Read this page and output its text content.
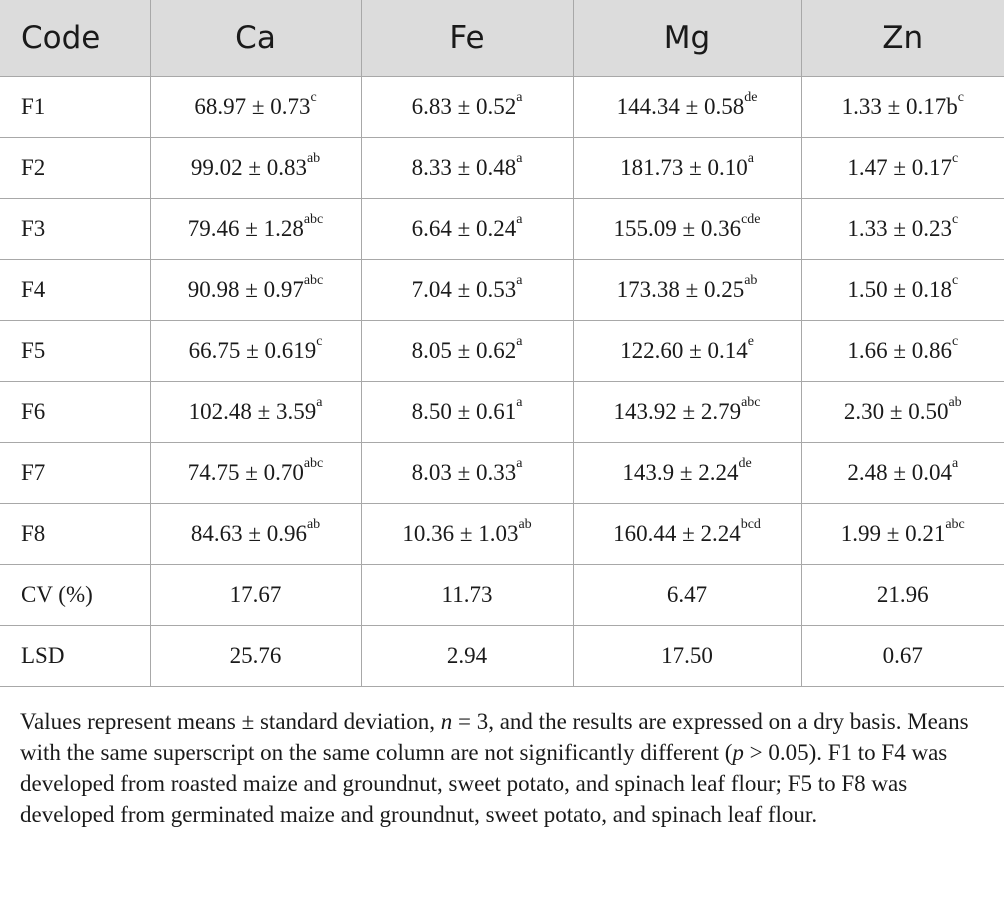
Code	Ca	Fe	Mg	Zn
F1	68.97 ± 0.73$^c$	6.83 ± 0.52$^a$	144.34 ± 0.58de	$1.33 \pm 0.17b^c$
F2	99.02 ± 0.83$^{ab}$	8.33 ± 0.48$^a$	181.73 ± 0.10$^a$	1.47 ± 0.17$^c$
F3	79.46 ± 1.28$^{abc}$	6.64 ± 0.24$^a$	155.09 ± 0.36$^{cde}$	1.33 ± 0.23$^c$
F4	90.98 ± 0.97$^{abc}$	7.04 ± 0.53$^a$	173.38 ± 0.25$^{ab}$	1.50 ± 0.18$^c$
F5	66.75 ± 0.619$^c$	8.05 ± 0.62$^a$	122.60 ± 0.14$^e$	1.66 ± 0.86$^c$
F6	102.48 ± 3.59$^a$	8.50 ± 0.61$^a$	143.92 ± 2.79$^{abc}$	2.30 ± 0.50$^{ab}$
F7	74.75 ± 0.70$^{abc}$	8.03 ± 0.33$^a$	143.9 ± 2.24de	2.48 ± 0.04$^a$
F8	84.63 ± 0.96$^{ab}$	10.36 ± 1.03$^{ab}$	160.44 ± 2.24$^{bcd}$	1.99 ± 0.21$^{abc}$
CV (%)	17.67	11.73	6.47	21.96
LSD	25.76	2.94	17.50	0.67
Values represent means ± standard deviation, n = 3, and the results are expressed on a dry basis. Means with the same superscript on the same column are not significantly different (p > 0.05). F1 to F4 was developed from roasted maize and groundnut, sweet potato, and spinach leaf flour; F5 to F8 was developed from germinated maize and groundnut, sweet potato, and spinach leaf flour.
